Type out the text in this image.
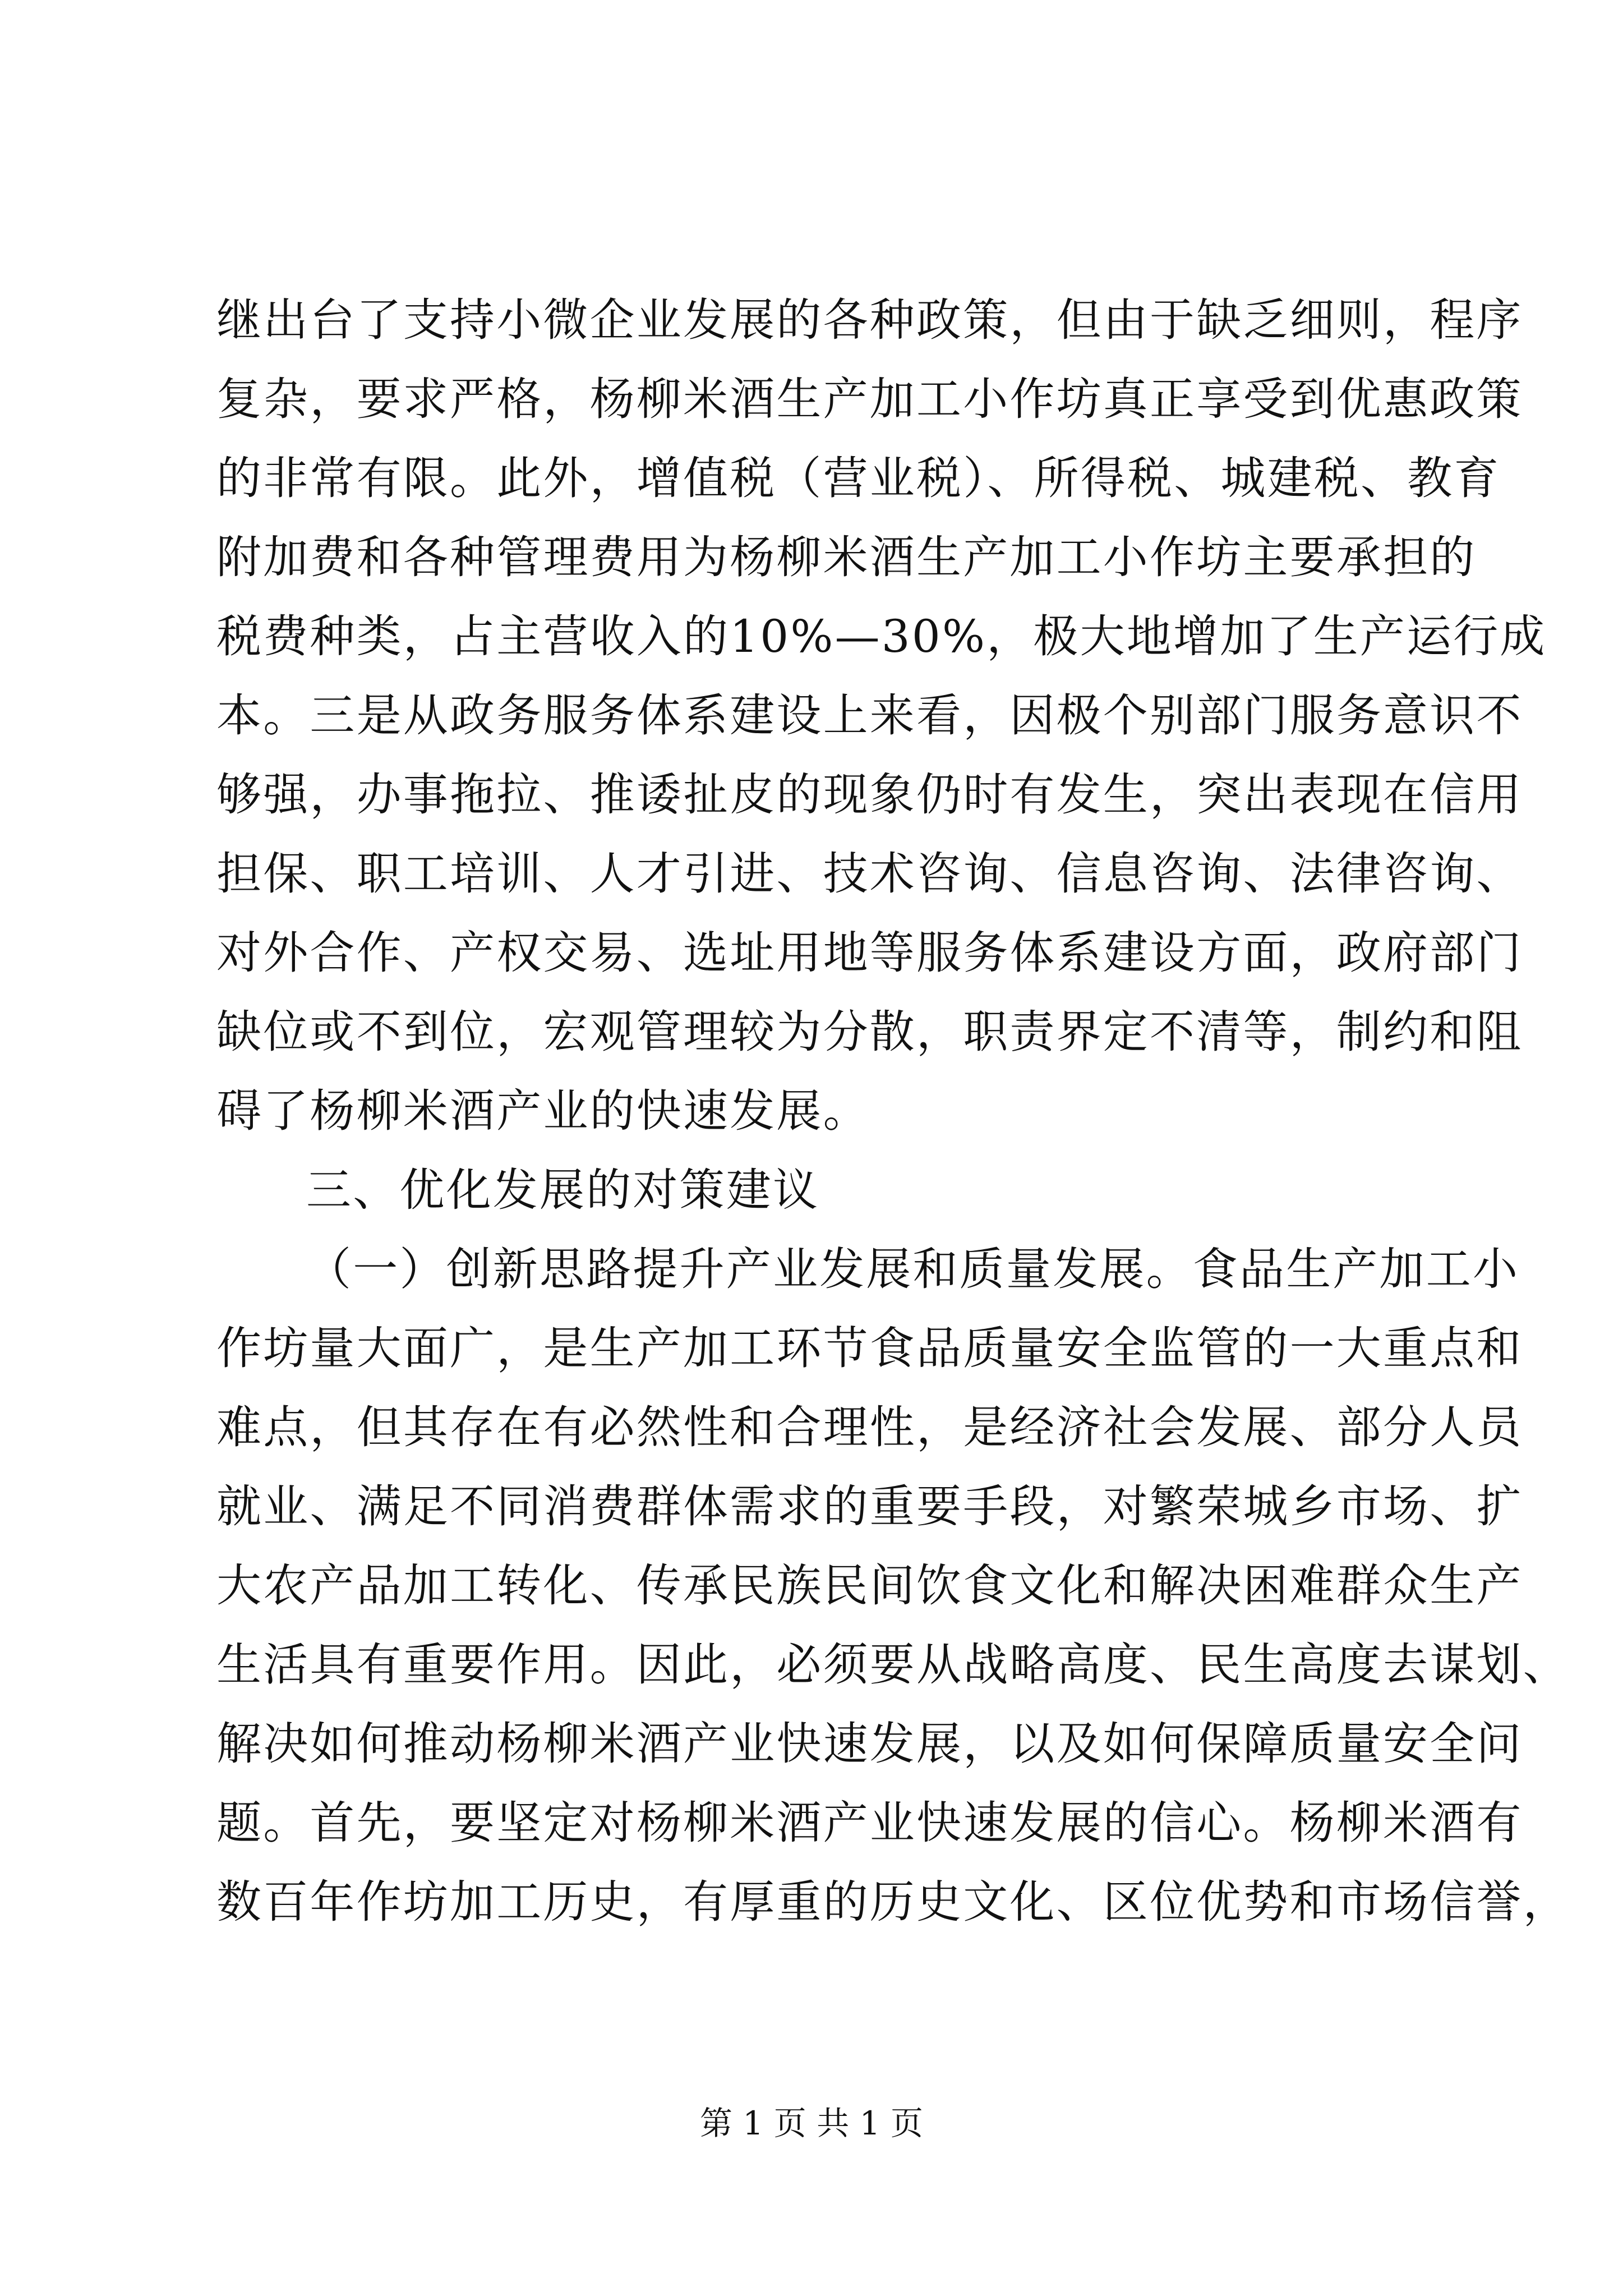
继出台了支持小微企业发展的各种政策，但由于缺乏细则，程序
复杂，要求严格，杨柳米酒生产加工小作坊真正享受到优惠政策
的非常有限。此外，增值税（营业税）、所得税、城建税、教育
附加费和各种管理费用为杨柳米酒生产加工小作坊主要承担的
税费种类，占主营收入的10%—30%，极大地增加了生产运行成
本。三是从政务服务体系建设上来看，因极个别部门服务意识不
够强，办事拖拉、推诿扯皮的现象仍时有发生，突出表现在信用
担保、职工培训、人才引进、技术咨询、信息咨询、法律咨询、
对外合作、产权交易、选址用地等服务体系建设方面，政府部门
缺位或不到位，宏观管理较为分散，职责界定不清等，制约和阻
碍了杨柳米酒产业的快速发展。
三、优化发展的对策建议
（一）创新思路提升产业发展和质量发展。食品生产加工小
作坊量大面广，是生产加工环节食品质量安全监管的一大重点和
难点，但其存在有必然性和合理性，是经济社会发展、部分人员
就业、满足不同消费群体需求的重要手段，对繁荣城乡市场、扩
大农产品加工转化、传承民族民间饮食文化和解决困难群众生产
生活具有重要作用。因此，必须要从战略高度、民生高度去谋划、
解决如何推动杨柳米酒产业快速发展，以及如何保障质量安全问
题。首先，要坚定对杨柳米酒产业快速发展的信心。杨柳米酒有
数百年作坊加工历史，有厚重的历史文化、区位优势和市场信誉，
第 1 页 共 1 页
